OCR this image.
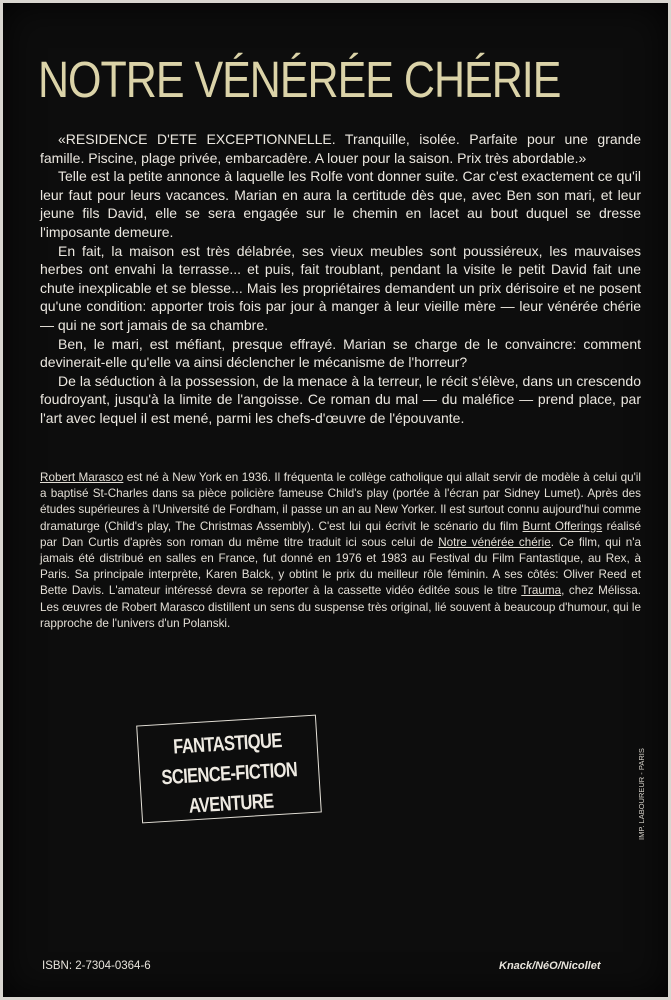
NOTRE VÉNÉRÉE CHÉRIE

«RESIDENCE D'ETE EXCEPTIONNELLE. Tranquille, isolée. Parfaite pour une grande famille. Piscine, plage privée, embarcadère. A louer pour la saison. Prix très abordable.»

Telle est la petite annonce à laquelle les Rolfe vont donner suite. Car c'est exactement ce qu'il leur faut pour leurs vacances. Marian en aura la certitude dès que, avec Ben son mari, et leur jeune fils David, elle se sera engagée sur le chemin en lacet au bout duquel se dresse l'imposante demeure.

En fait, la maison est très délabrée, ses vieux meubles sont poussiéreux, les mauvaises herbes ont envahi la terrasse... et puis, fait troublant, pendant la visite le petit David fait une chute inexplicable et se blesse... Mais les propriétaires demandent un prix dérisoire et ne posent qu'une condition: apporter trois fois par jour à manger à leur vieille mère — leur vénérée chérie — qui ne sort jamais de sa chambre.

Ben, le mari, est méfiant, presque effrayé. Marian se charge de le convaincre: comment devinerait-elle qu'elle va ainsi déclencher le mécanisme de l'horreur?

De la séduction à la possession, de la menace à la terreur, le récit s'élève, dans un crescendo foudroyant, jusqu'à la limite de l'angoisse. Ce roman du mal — du maléfice — prend place, par l'art avec lequel il est mené, parmi les chefs-d'œuvre de l'épouvante.

Robert Marasco est né à New York en 1936. Il fréquenta le collège catholique qui allait servir de modèle à celui qu'il a baptisé St-Charles dans sa pièce policière fameuse Child's play (portée à l'écran par Sidney Lumet). Après des études supérieures à l'Université de Fordham, il passe un an au New Yorker. Il est surtout connu aujourd'hui comme dramaturge (Child's play, The Christmas Assembly). C'est lui qui écrivit le scénario du film Burnt Offerings réalisé par Dan Curtis d'après son roman du même titre traduit ici sous celui de Notre vénérée chérie. Ce film, qui n'a jamais été distribué en salles en France, fut donné en 1976 et 1983 au Festival du Film Fantastique, au Rex, à Paris. Sa principale interprète, Karen Balck, y obtint le prix du meilleur rôle féminin. A ses côtés: Oliver Reed et Bette Davis. L'amateur intéressé devra se reporter à la cassette vidéo éditée sous le titre Trauma, chez Mélissa. Les œuvres de Robert Marasco distillent un sens du suspense très original, lié souvent à beaucoup d'humour, qui le rapproche de l'univers d'un Polanski.
FANTASTIQUE
SCIENCE-FICTION
AVENTURE	IMP. LABOUREUR - PARIS
ISBN: 2-7304-0364-6	Knack/NéO/Nicollet
